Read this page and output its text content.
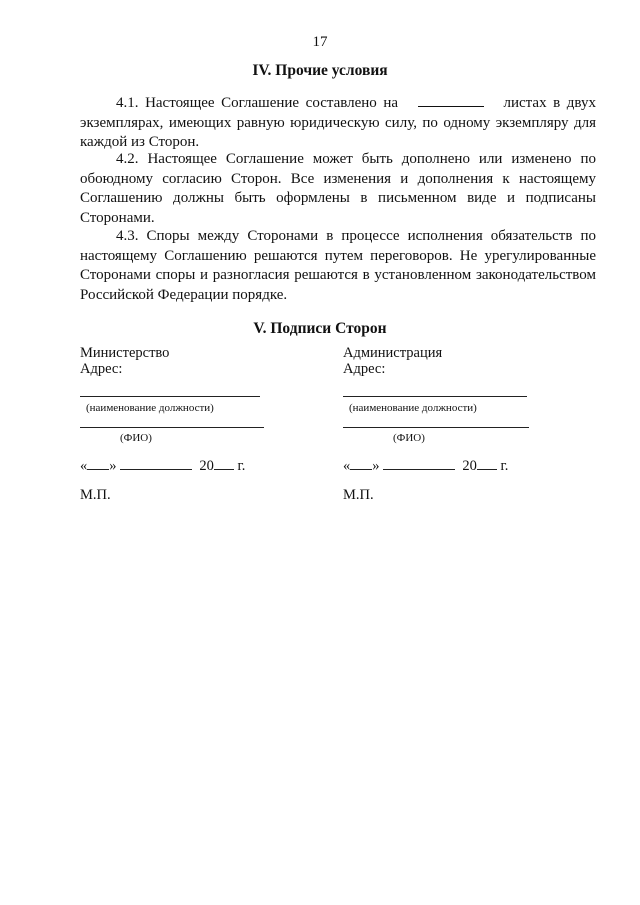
17
IV. Прочие условия

4.1. Настоящее Соглашение составлено на	листах в двух экземплярах, имеющих равную юридическую силу, по одному экземпляру для каждой из Сторон.

4.2. Настоящее Соглашение может быть дополнено или изменено по обоюдному согласию Сторон. Все изменения и дополнения к настоящему Соглашению должны быть оформлены в письменном виде и подписаны Сторонами.

4.3. Споры между Сторонами в процессе исполнения обязательств по настоящему Соглашению решаются путем переговоров. Не урегулированные Сторонами споры и разногласия решаются в установленном законодательством Российской Федерации порядке.

V. Подписи Сторон
Министерство
Адрес:
(наименование должности)
(ФИО)
« »	20 г.
М.П.
Администрация
Адрес:
(наименование должности)
(ФИО)
« »	20 г.
М.П.
